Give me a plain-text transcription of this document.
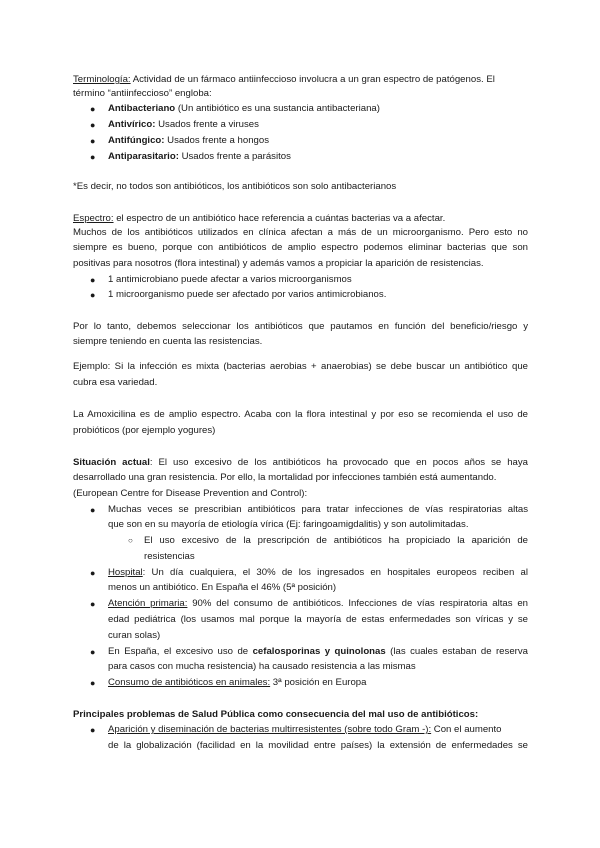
Terminología: Actividad de un fármaco antiinfeccioso involucra a un gran espectro de patógenos. El
término “antiinfeccioso” engloba:
● Antibacteriano (Un antibiótico es una sustancia antibacteriana)
● Antivírico: Usados frente a viruses
● Antifúngico: Usados frente a hongos
● Antiparasitario: Usados frente a parásitos
*Es decir, no todos son antibióticos, los antibióticos son solo antibacterianos
Espectro: el espectro de un antibiótico hace referencia a cuántas bacterias va a afectar.
Muchos de los antibióticos utilizados en clínica afectan a más de un microorganismo. Pero esto no
siempre es bueno, porque con antibióticos de amplio espectro podemos eliminar bacterias que son
positivas para nosotros (flora intestinal) y además vamos a propiciar la aparición de resistencias.
● 1 antimicrobiano puede afectar a varios microorganismos
● 1 microorganismo puede ser afectado por varios antimicrobianos.
Por lo tanto, debemos seleccionar los antibióticos que pautamos en función del beneficio/riesgo y
siempre teniendo en cuenta las resistencias.
Ejemplo: Si la infección es mixta (bacterias aerobias + anaerobias) se debe buscar un antibiótico que
cubra esa variedad.
La Amoxicilina es de amplio espectro. Acaba con la flora intestinal y por eso se recomienda el uso de
probióticos (por ejemplo yogures)
Situación actual: El uso excesivo de los antibióticos ha provocado que en pocos años se haya
desarrollado una gran resistencia. Por ello, la mortalidad por infecciones también está aumentando.
(European Centre for Disease Prevention and Control):
● Muchas veces se prescribian antibióticos para tratar infecciones de vías respiratorias altas
que son en su mayoría de etiología vírica (Ej: faringoamigdalitis) y son autolimitadas.
○ El uso excesivo de la prescripción de antibióticos ha propiciado la aparición de
resistencias
● Hospital: Un día cualquiera, el 30% de los ingresados en hospitales europeos reciben al
menos un antibiótico. En España el 46% (5ª posición)
● Atención primaria: 90% del consumo de antibióticos. Infecciones de vías respiratoria altas en
edad pediátrica (los usamos mal porque la mayoría de estas enfermedades son víricas y se
curan solas)
● En España, el excesivo uso de cefalosporinas y quinolonas (las cuales estaban de reserva
para casos con mucha resistencia) ha causado resistencia a las mismas
● Consumo de antibióticos en animales: 3ª posición en Europa
Principales problemas de Salud Pública como consecuencia del mal uso de antibióticos:
● Aparición y diseminación de bacterias multirresistentes (sobre todo Gram -): Con el aumento
de la globalización (facilidad en la movilidad entre países) la extensión de enfermedades se
